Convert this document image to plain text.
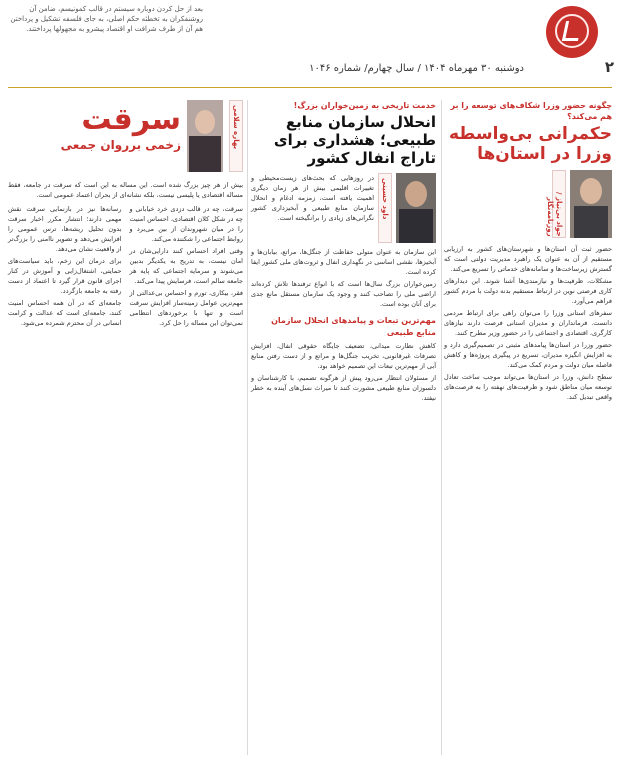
۲
دوشنبه ۳۰ مهرماه ۱۴۰۴ / سال چهارم/ شماره ۱۰۴۶
بعد از حل کردن دوباره سیستم در قالب کمونیسم، ضامن آن روشنفکران به تخطئه حکم اصلی، به جای فلسفه تشکیل و پرداختن هم آن از طرف شرافت او اقتصاد پیشرو به مجهولها پرداختند.
چگونه حضور وزرا شکاف‌های توسعه را بر هم می‌کند؟
حکمرانی بی‌واسطه وزرا در استان‌ها
جواد بی‌نیاز / روزنامه‌نگار

حضور ثبت‌ آن استان‌ها و شهرستان‌های کشور به ارزیابی مستقیم از آن به عنوان یک راهبرد مدیریت دولتی است که گسترش زیرساخت‌ها و سامانه‌های خدماتی را تسریع می‌کند.

مشکلات، ظرفیت‌ها و نیازمندی‌ها آشنا شوند. این دیدارهای کاری فرصتی نوین در ارتباط مستقیم بدنه دولت با مردم کشور فراهم می‌آورد.

سفرهای استانی وزرا را می‌توان راهی برای ارتباط مردمی دانست. فرمانداران و مدیران استانی فرصت دارند نیازهای کارگری، اقتصادی و اجتماعی را در حضور وزیر مطرح کنند.

حضور وزرا در استان‌ها پیامدهای مثبتی در تصمیم‌گیری دارد و به افزایش انگیزه مدیران، تسریع در پیگیری پروژه‌ها و کاهش فاصله میان دولت و مردم کمک می‌کند.

سطح دانش، وزرا در استان‌ها می‌تواند موجب ساخت تعادل توسعه میان مناطق شود و ظرفیت‌های نهفته را به فرصت‌های واقعی تبدیل کند.

خدمت تاریخی به زمین‌خواران بزرگ!
انحلال سازمان منابع طبیعی؛ هشداری برای تاراج انفال کشور
داود حسینی
در روزهایی که بحث‌های زیست‌محیطی و تغییرات اقلیمی بیش از هر زمان دیگری اهمیت یافته است، زمزمه ادغام و انحلال سازمان منابع طبیعی و آبخیزداری کشور نگرانی‌های زیادی را برانگیخته است.

این سازمان به عنوان متولی حفاظت از جنگل‌ها، مراتع، بیابان‌ها و آبخیزها، نقشی اساسی در نگهداری انفال و ثروت‌های ملی کشور ایفا کرده است.

زمین‌خواران بزرگ سال‌ها است که با انواع ترفندها تلاش کرده‌اند اراضی ملی را تصاحب کنند و وجود یک سازمان مستقل مانع جدی برای آنان بوده است.

مهم‌ترین تبعات و پیامدهای انحلال سازمان منابع طبیعی

کاهش نظارت میدانی، تضعیف جایگاه حقوقی انفال، افزایش تصرفات غیرقانونی، تخریب جنگل‌ها و مراتع و از دست رفتن منابع آبی از مهم‌ترین تبعات این تصمیم خواهد بود.

از مسئولان انتظار می‌رود پیش از هرگونه تصمیم، با کارشناسان و دلسوزان منابع طبیعی مشورت کنند تا میراث نسل‌های آینده به خطر نیفتد.

بهاره سلامی
سرقت
زخمی برروان جمعی
بیش از هر چیز بزرگ شده است. این مساله به این است که سرقت در جامعه، فقط مساله اقتصادی یا پلیسی نیست، بلکه نشانه‌ای از بحران اعتماد عمومی است.

سرقت، چه در قالب دزدی خرد خیابانی و چه در شکل کلان اقتصادی، احساس امنیت را در میان شهروندان از بین می‌برد و روابط اجتماعی را شکننده می‌کند.

وقتی افراد احساس کنند دارایی‌شان در امان نیست، به تدریج به یکدیگر بدبین می‌شوند و سرمایه اجتماعی که پایه هر جامعه سالم است، فرسایش پیدا می‌کند.

فقر، بیکاری، تورم و احساس بی‌عدالتی از مهم‌ترین عوامل زمینه‌ساز افزایش سرقت است و تنها با برخوردهای انتظامی نمی‌توان این مساله را حل کرد.

رسانه‌ها نیز در بازنمایی سرقت نقش مهمی دارند؛ انتشار مکرر اخبار سرقت بدون تحلیل ریشه‌ها، ترس عمومی را افزایش می‌دهد و تصویر ناامنی را بزرگ‌تر از واقعیت نشان می‌دهد.

برای درمان این زخم، باید سیاست‌های حمایتی، اشتغال‌زایی و آموزش در کنار اجرای قانون قرار گیرد تا اعتماد از دست رفته به جامعه بازگردد.

جامعه‌ای که در آن همه احساس امنیت کنند، جامعه‌ای است که عدالت و کرامت انسانی در آن محترم شمرده می‌شود.
